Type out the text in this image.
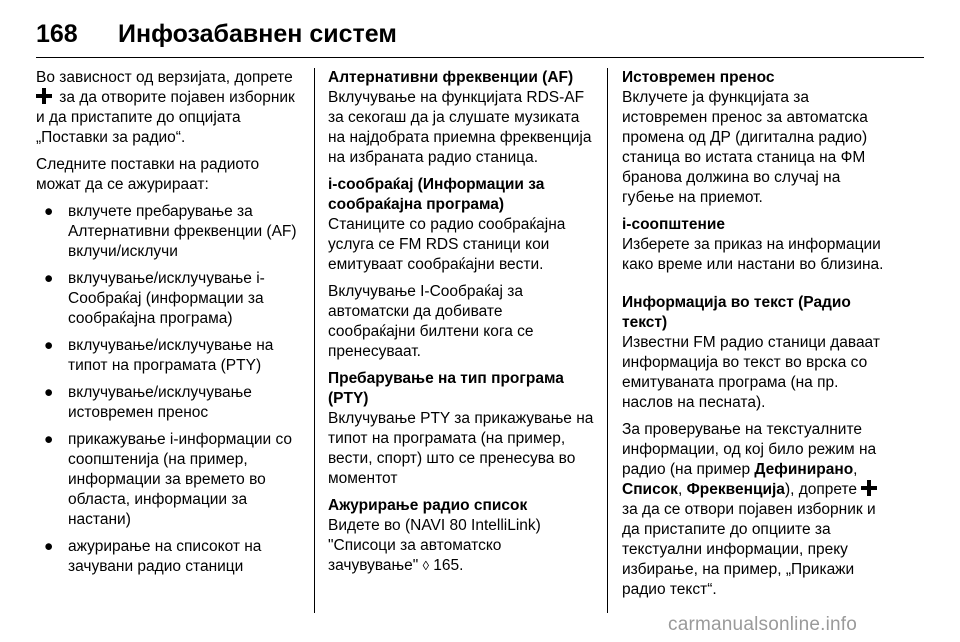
168 Инфозабавнен систем

Во зависност од верзијата, допрете  за да отворите појавен изборник и да пристапите до опцијата „Поставки за радио“.

Следните поставки на радиото можат да се ажурираат:

● вклучете пребарување за Алтернативни фреквенции (AF) вклучи/исклучи
● вклучување/исклучување i-Сообраќај (информации за сообраќајна програма)
● вклучување/исклучување на типот на програмата (PTY)
● вклучување/исклучување истовремен пренос
● прикажување i-информации со соопштенија (на пример, информации за времето во областа, информации за настани)
● ажурирање на списокот на зачувани радио станици
Алтернативни фреквенции (AF)
Вклучување на функцијата RDS-AF за секогаш да ја слушате музиката на најдобрата приемна фреквенција на избраната радио станица.
i-сообраќај (Информации за сообраќајна програма)
Станиците со радио сообраќајна услуга се FM RDS станици кои емитуваат сообраќајни вести.

Вклучување I-Сообраќај за автоматски да добивате сообраќајни билтени кога се пренесуваат.

Пребарување на тип програма (PTY)
Вклучување PTY за прикажување на типот на програмата (на пример, вести, спорт) што се пренесува во моментот
Ажурирање радио список
Видете во (NAVI 80 IntelliLink) "Списоци за автоматско зачувување" ◊ 165.
Истовремен пренос
Вклучете ја функцијата за истовремен пренос за автоматска промена од ДР (дигитална радио) станица во истата станица на ФМ бранова должина во случај на губење на приемот.
i-соопштение
Изберете за приказ на информации како време или настани во близина.
Информација во текст (Радио текст)
Известни FM радио станици даваат информација во текст во врска со емитуваната програма (на пр. наслов на песната).

За проверување на текстуалните информации, од кој било режим на радио (на пример Дефинирано, Список, Фреквенција), допрете  за да се отвори појавен изборник и да пристапите до опциите за текстуални информации, преку избирање, на пример, „Прикажи радио текст“.

carmanualsonline.info
